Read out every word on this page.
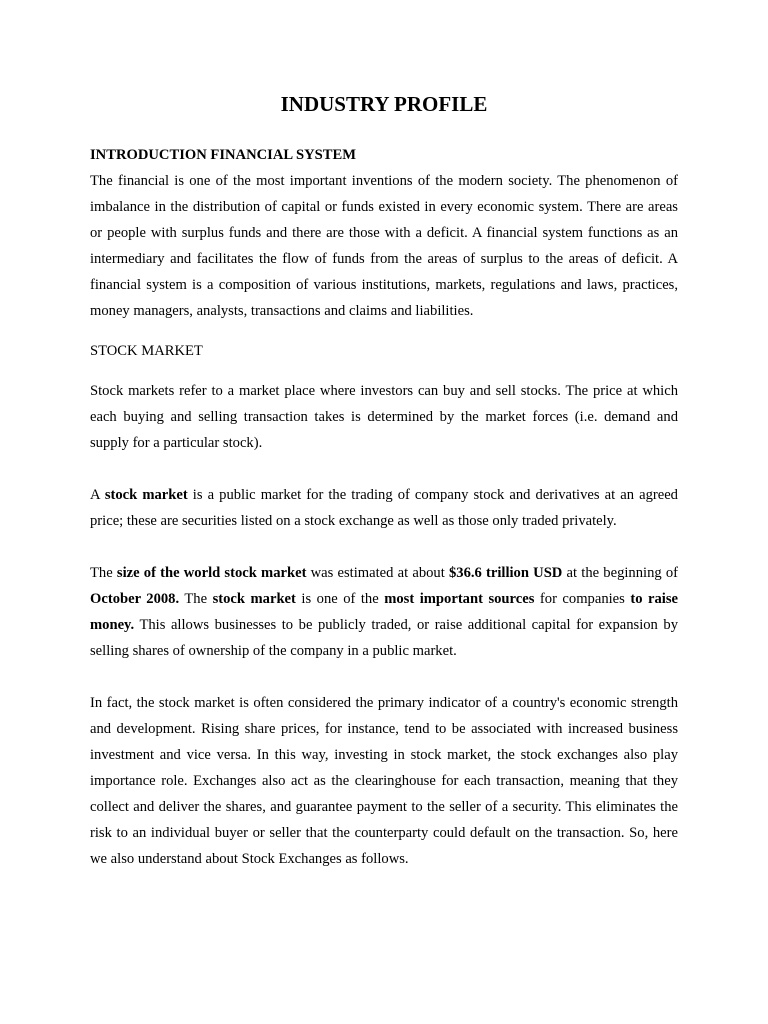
INDUSTRY PROFILE
INTRODUCTION FINANCIAL SYSTEM

The financial is one of the most important inventions of the modern society. The phenomenon of imbalance in the distribution of capital or funds existed in every economic system. There are areas or people with surplus funds and there are those with a deficit. A financial system functions as an intermediary and facilitates the flow of funds from the areas of surplus to the areas of deficit. A financial system is a composition of various institutions, markets, regulations and laws, practices, money managers, analysts, transactions and claims and liabilities.

STOCK MARKET

Stock markets refer to a market place where investors can buy and sell stocks. The price at which each buying and selling transaction takes is determined by the market forces (i.e. demand and supply for a particular stock).

A stock market is a public market for the trading of company stock and derivatives at an agreed price; these are securities listed on a stock exchange as well as those only traded privately.

The size of the world stock market was estimated at about $36.6 trillion USD at the beginning of October 2008. The stock market is one of the most important sources for companies to raise money. This allows businesses to be publicly traded, or raise additional capital for expansion by selling shares of ownership of the company in a public market.

In fact, the stock market is often considered the primary indicator of a country's economic strength and development. Rising share prices, for instance, tend to be associated with increased business investment and vice versa. In this way, investing in stock market, the stock exchanges also play importance role. Exchanges also act as the clearinghouse for each transaction, meaning that they collect and deliver the shares, and guarantee payment to the seller of a security. This eliminates the risk to an individual buyer or seller that the counterparty could default on the transaction. So, here we also understand about Stock Exchanges as follows.
